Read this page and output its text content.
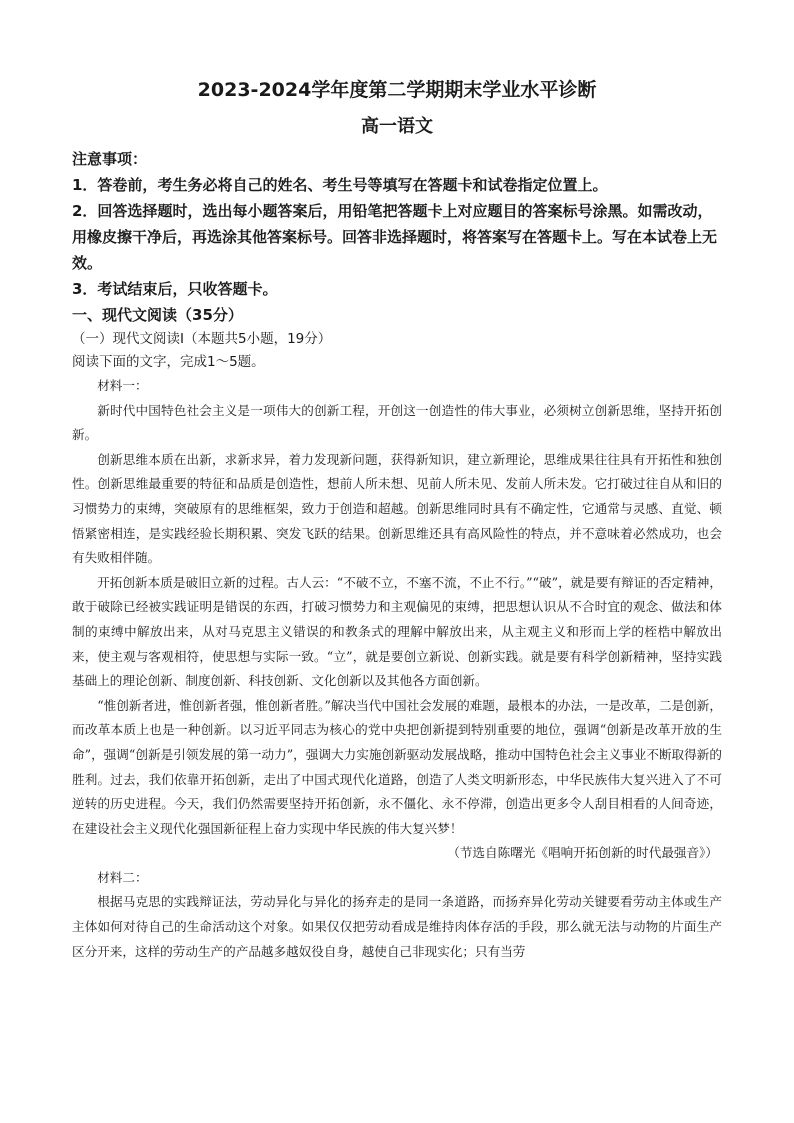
2023-2024学年度第二学期期末学业水平诊断
高一语文
注意事项：
1．答卷前，考生务必将自己的姓名、考生号等填写在答题卡和试卷指定位置上。
2．回答选择题时，选出每小题答案后，用铅笔把答题卡上对应题目的答案标号涂黑。如需改动，用橡皮擦干净后，再选涂其他答案标号。回答非选择题时，将答案写在答题卡上。写在本试卷上无效。
3．考试结束后，只收答题卡。
一、现代文阅读（35分）
（一）现代文阅读Ⅰ（本题共5小题，19分）
阅读下面的文字，完成1～5题。

材料一：

新时代中国特色社会主义是一项伟大的创新工程，开创这一创造性的伟大事业，必须树立创新思维，坚持开拓创新。

创新思维本质在出新，求新求异，着力发现新问题，获得新知识，建立新理论，思维成果往往具有开拓性和独创性。创新思维最重要的特征和品质是创造性，想前人所未想、见前人所未见、发前人所未发。它打破过往自从和旧的习惯势力的束缚，突破原有的思维框架，致力于创造和超越。创新思维同时具有不确定性，它通常与灵感、直觉、顿悟紧密相连，是实践经验长期积累、突发飞跃的结果。创新思维还具有高风险性的特点，并不意味着必然成功，也会有失败相伴随。

开拓创新本质是破旧立新的过程。古人云：“不破不立，不塞不流，不止不行。”“破”，就是要有辩证的否定精神，敢于破除已经被实践证明是错误的东西，打破习惯势力和主观偏见的束缚，把思想认识从不合时宜的观念、做法和体制的束缚中解放出来，从对马克思主义错误的和教条式的理解中解放出来，从主观主义和形而上学的桎梏中解放出来，使主观与客观相符，使思想与实际一致。“立”，就是要创立新说、创新实践。就是要有科学创新精神，坚持实践基础上的理论创新、制度创新、科技创新、文化创新以及其他各方面创新。

“惟创新者进，惟创新者强，惟创新者胜。”解决当代中国社会发展的难题，最根本的办法，一是改革，二是创新，而改革本质上也是一种创新。以习近平同志为核心的党中央把创新提到特别重要的地位，强调“创新是改革开放的生命”，强调“创新是引领发展的第一动力”，强调大力实施创新驱动发展战略，推动中国特色社会主义事业不断取得新的胜利。过去，我们依靠开拓创新，走出了中国式现代化道路，创造了人类文明新形态，中华民族伟大复兴进入了不可逆转的历史进程。今天，我们仍然需要坚持开拓创新，永不僵化、永不停滞，创造出更多令人刮目相看的人间奇迹，在建设社会主义现代化强国新征程上奋力实现中华民族的伟大复兴梦！

（节选自陈曙光《唱响开拓创新的时代最强音》）

材料二：

根据马克思的实践辩证法，劳动异化与异化的扬弃走的是同一条道路，而扬弃异化劳动关键要看劳动主体或生产主体如何对待自己的生命活动这个对象。如果仅仅把劳动看成是维持肉体存活的手段，那么就无法与动物的片面生产区分开来，这样的劳动生产的产品越多越奴役自身，越使自己非现实化；只有当劳
